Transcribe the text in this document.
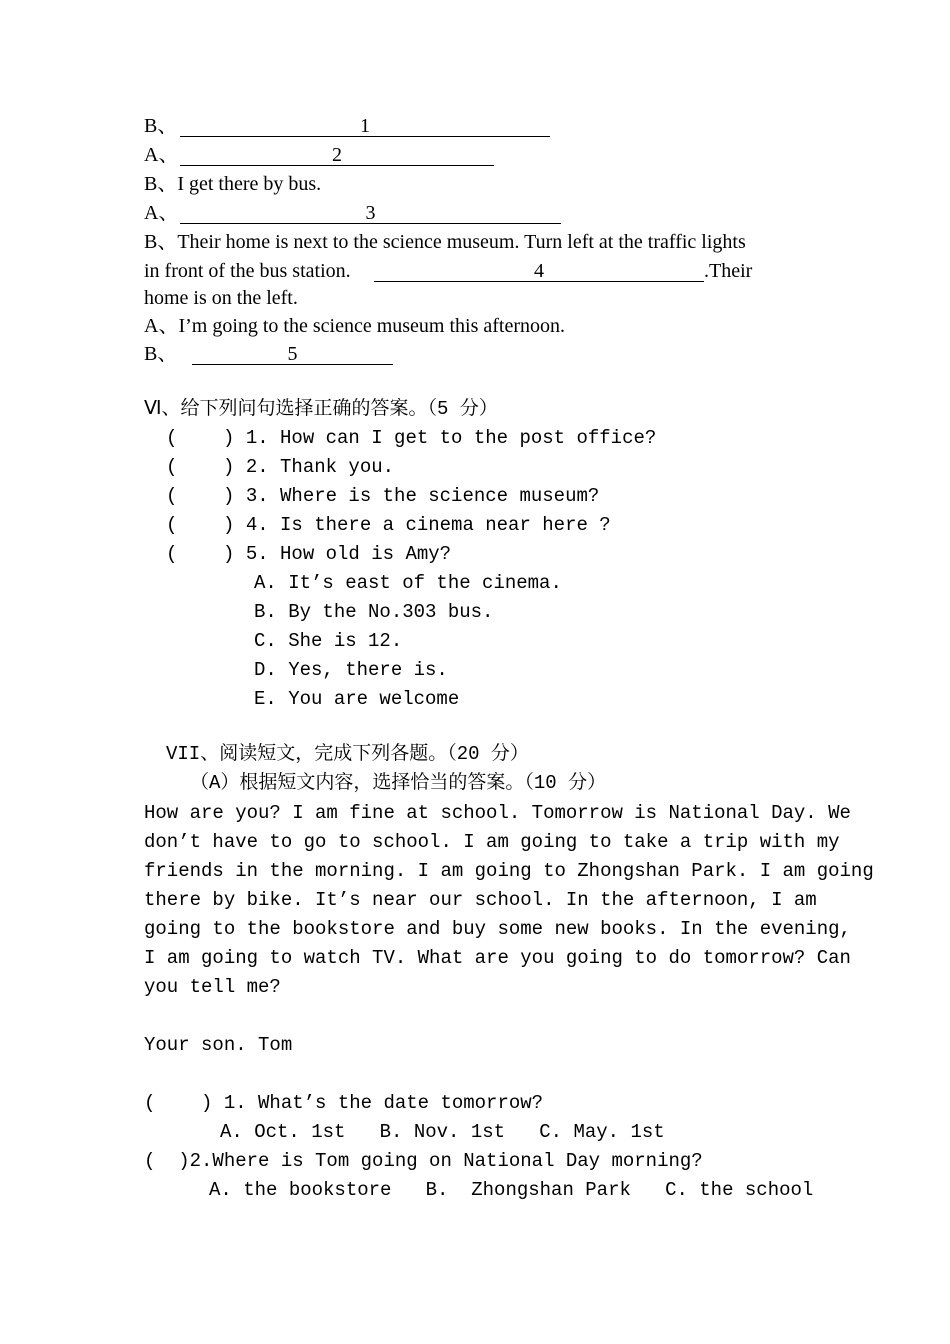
B、	1
A、	2
B、I get there by bus.
A、	3
B、Their home is next to the science museum. Turn left at the traffic lights
in front of the bus station.	4	.Their
home is on the left.
A、I’m going to the science museum this afternoon.
B、	5
Ⅵ、给下列问句选择正确的答案。（5 分）
(    ) 1. How can I get to the post office?
(    ) 2. Thank you.
(    ) 3. Where is the science museum?
(    ) 4. Is there a cinema near here ?
(    ) 5. How old is Amy?
A. It’s east of the cinema.
B. By the No.303 bus.
C. She is 12.
D. Yes, there is.
E. You are welcome
VII、阅读短文，完成下列各题。（20 分）
（A）根据短文内容，选择恰当的答案。（10 分）
How are you? I am fine at school. Tomorrow is National Day. We
don’t have to go to school. I am going to take a trip with my
friends in the morning. I am going to Zhongshan Park. I am going
there by bike. It’s near our school. In the afternoon, I am
going to the bookstore and buy some new books. In the evening,
I am going to watch TV. What are you going to do tomorrow? Can
you tell me?
Your son. Tom
(    ) 1. What’s the date tomorrow?
A. Oct. 1st   B. Nov. 1st   C. May. 1st
(  )2.Where is Tom going on National Day morning?
A. the bookstore   B.  Zhongshan Park   C. the school
